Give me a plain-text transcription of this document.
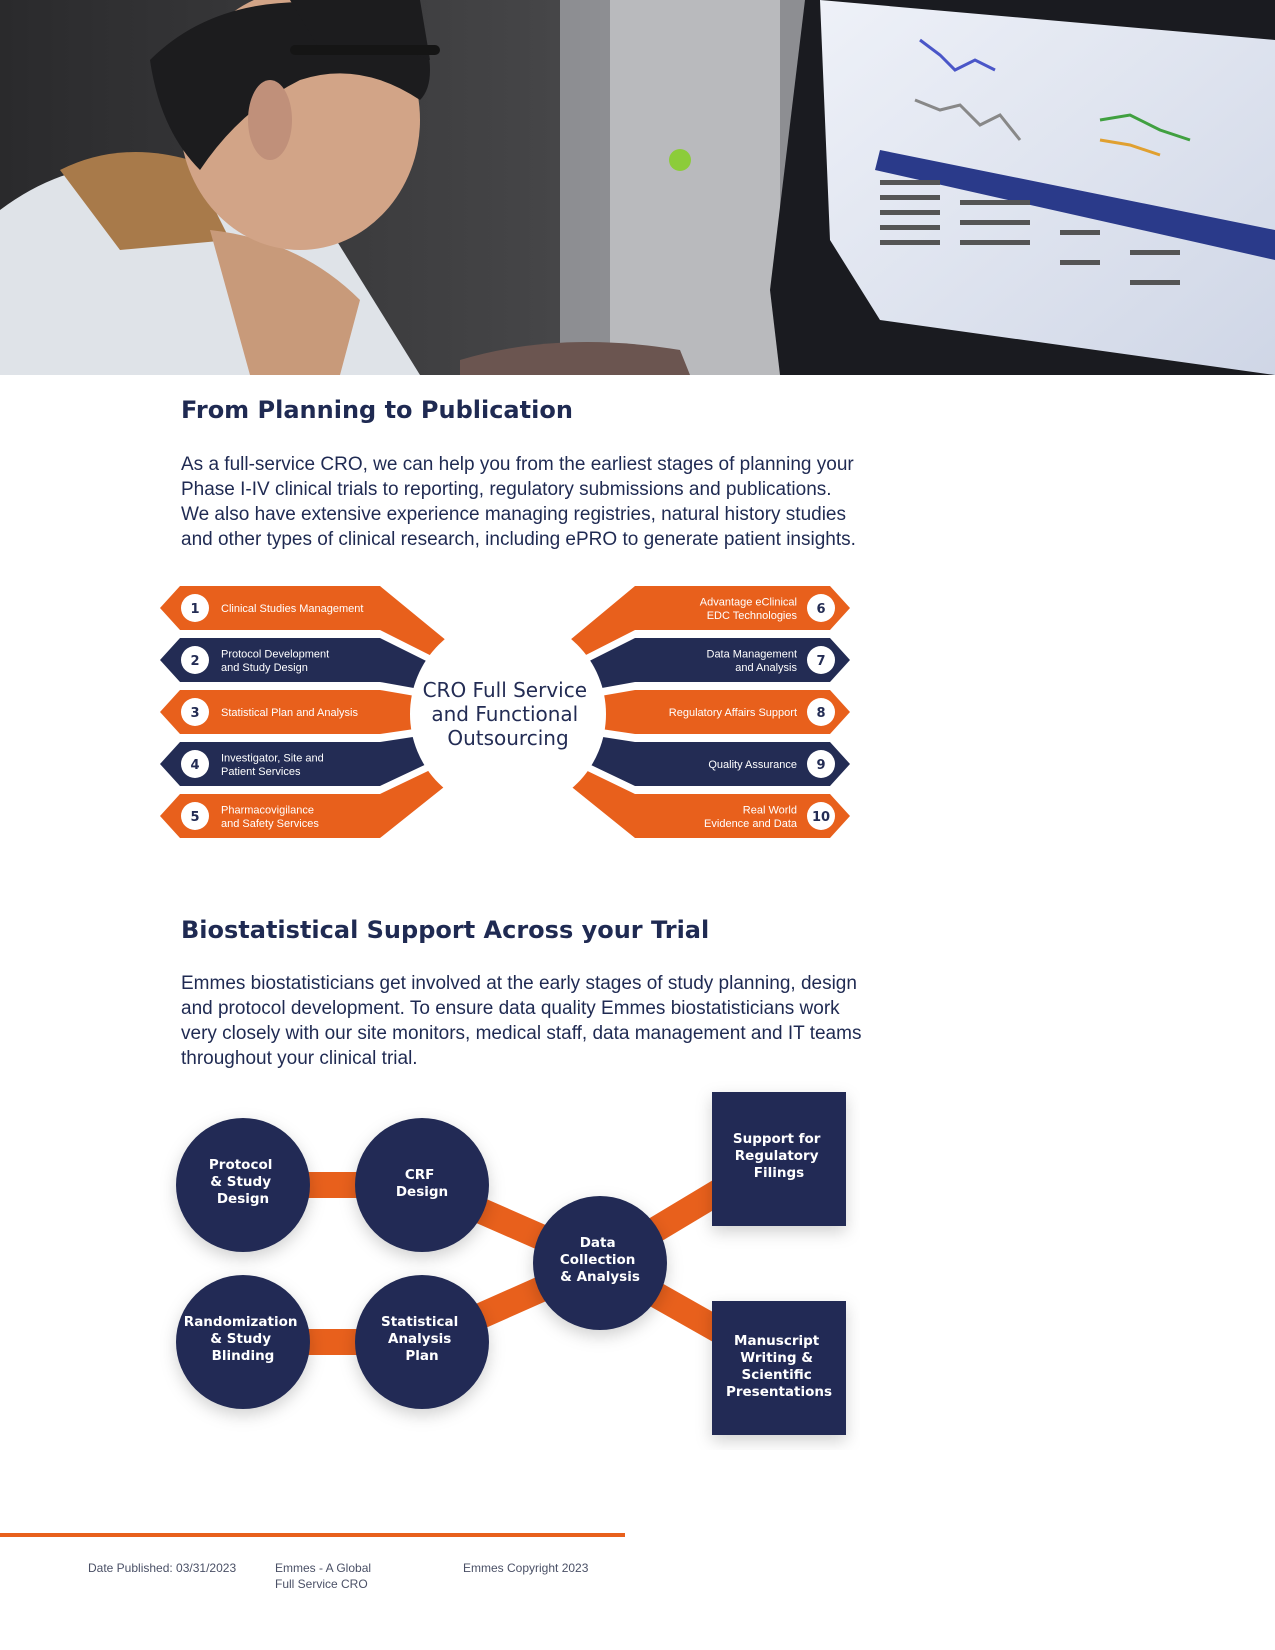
From Planning to Publication

As a full-service CRO, we can help you from the earliest stages of planning your
Phase I-IV clinical trials to reporting, regulatory submissions and publications.
We also have extensive experience managing registries, natural history studies
and other types of clinical research, including ePRO to generate patient insights.

CRO Full Service and Functional Outsourcing
1 Clinical Studies Management	6
Advantage eClinical EDC Technologies
2 Protocol Development and Study Design	7
Data Management and Analysis
3 Statistical Plan and Analysis	8
Regulatory Affairs Support
4 Investigator, Site and Patient Services	9
Quality Assurance
5 Pharmacovigilance and Safety Services	10
Real World Evidence and Data
Biostatistical Support Across your Trial

Emmes biostatisticians get involved at the early stages of study planning, design
and protocol development. To ensure data quality Emmes biostatisticians work
very closely with our site monitors, medical staff, data management and IT teams
throughout your clinical trial.

Protocol & Study Design
CRF Design
Randomization & Study Blinding
Statistical Analysis Plan
Data Collection & Analysis
Support for Regulatory Filings
Manuscript Writing & Scientific Presentations
Date Published: 03/31/2023	Emmes - A Global
Full Service CRO
Emmes Copyright 2023
